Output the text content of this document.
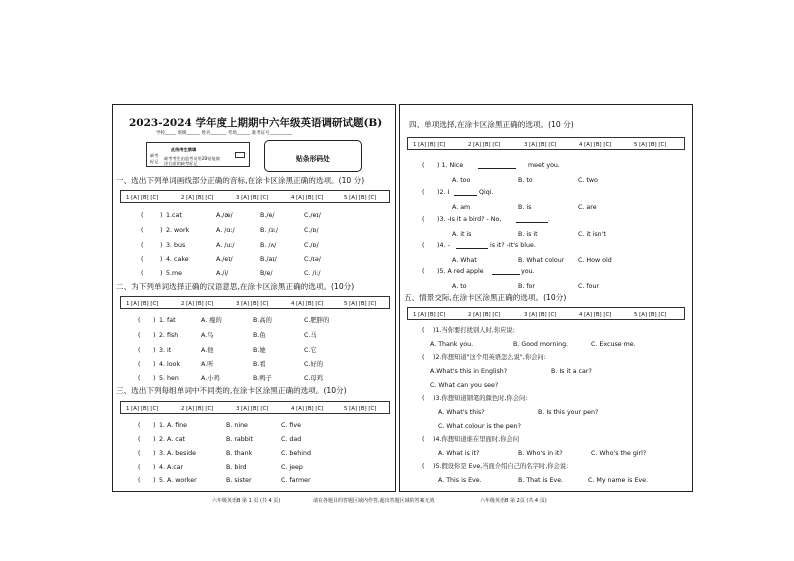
2023-2024 学年度上期期中六年级英语调研试题(B)
学校_____ 班级______ 姓名_______ 考场______ 准考证号__________
此线考生禁填
缺考
标记
缺考考生由监考员用2B铅笔填涂右面的缺考标记
贴条形码处
一、选出下列单词画线部分正确的音标,在涂卡区涂黑正确的选项。(10 分)
1 [A] [B] [C]	2 [A] [B] [C]	3 [A] [B] [C]	4 [A] [B] [C]	5 [A] [B] [C]
(	) 1.cat	A./æ/	B./e/	C./eɪ/
(	) 2. work	A. /ɑː/	B. /ɜː/	C./ɒ/
(	) 3. bus	A. /uː/	B. /ʌ/	C./ɒ/
(	) 4. cake	A./eɪ/	B./aɪ/	C./ɪə/
(	) 5.me	A./i/	B/e/	C. /iː/
二、为下列单词选择正确的汉语意思,在涂卡区涂黑正确的选项。(10分)
1 [A] [B] [C]	2 [A] [B] [C]	3 [A] [B] [C]	4 [A] [B] [C]	5 [A] [B] [C]
( ) 1. fat	A. 瘦的	B.高的	C.肥胖的
( ) 2. fish	A.鸟	B.鱼	C.马
( ) 3. it	A.他	B.她	C.它
( ) 4. look	A.听	B.看	C.好的
( ) 5. hen	A.小鸡	B.鸭子	C.母鸡
三、选出下列每组单词中不同类的,在涂卡区涂黑正确的选项。(10分)
1 [A] [B] [C]	2 [A] [B] [C]	3 [A] [B] [C]	4 [A] [B] [C]	5 [A] [B] [C]
( ) 1. A. fine	B. nine	C. five
( ) 2. A. cat	B. rabbit	C. dad
( ) 3. A. beside	B. thank	C. behind
( ) 4. A.car	B. bird	C. jeep
( ) 5. A. worker	B. sister	C. farmer
四、单项选择,在涂卡区涂黑正确的选项。(10 分)
1 [A] [B] [C]	2 [A] [B] [C]	3 [A] [B] [C]	4 [A] [B] [C]	5 [A] [B] [C]
( ) 1. Nice	meet you.
A. too	B. to	C. two
( )2. I	Qiqi.
A. am	B. is	C. are
( )3. -Is it a bird? - No,	.
A. it is	B. is it	C. it isn't
( )4. -	is it? -It's blue.
A. What	B. What colour C. How old
( )5. A red apple	you.
A. to	B. for	C. four
五、情景交际,在涂卡区涂黑正确的选项。(10分)
1 [A] [B] [C]	2 [A] [B] [C]	3 [A] [B] [C]	4 [A] [B] [C]	5 [A] [B] [C]
( )1.当你要打扰别人时,你应说:
A. Thank you.	B. Good morning.	C. Excuse me.
( )2.你想知道"这个用英语怎么说",你会问:
A.What's this in English?	B. Is it a car?
C. What can you see?
( )3.你想知道钢笔的颜色时,你会问:
A. What's this?	B. Is this your pen?
C. What colour is the pen?
( )4.你想知道谁在里面时,你会问
A. What is it?	B. Who's in it?	C. Who's the girl?
( )5.假设你是 Eve,当面介绍自己的名字时,你会说:
A. This is Eve.	B. That is Eve.	C. My name is Eve.
六年级英语B 第 1 页 (共 4 页)	请在各题目的答题区域内作答,超出答题区域的答案无效	六年级英语B 第 2页 (共 4 页)
